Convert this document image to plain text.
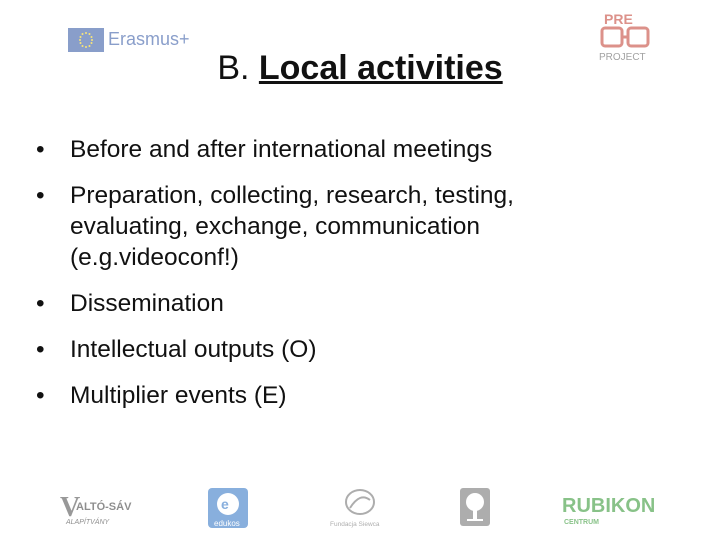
Erasmus+
PRE
PROJECT
B. Local activities
• Before and after international meetings
• Preparation, collecting, research, testing,
evaluating, exchange, communication
(e.g.videoconf!)
• Dissemination
• Intellectual outputs (O)
• Multiplier events (E)
V
ALTÓ-SÁV
ALAPÍTVÁNY
e
edukos	Fundacja Siewca
RUBIKON
CENTRUM
